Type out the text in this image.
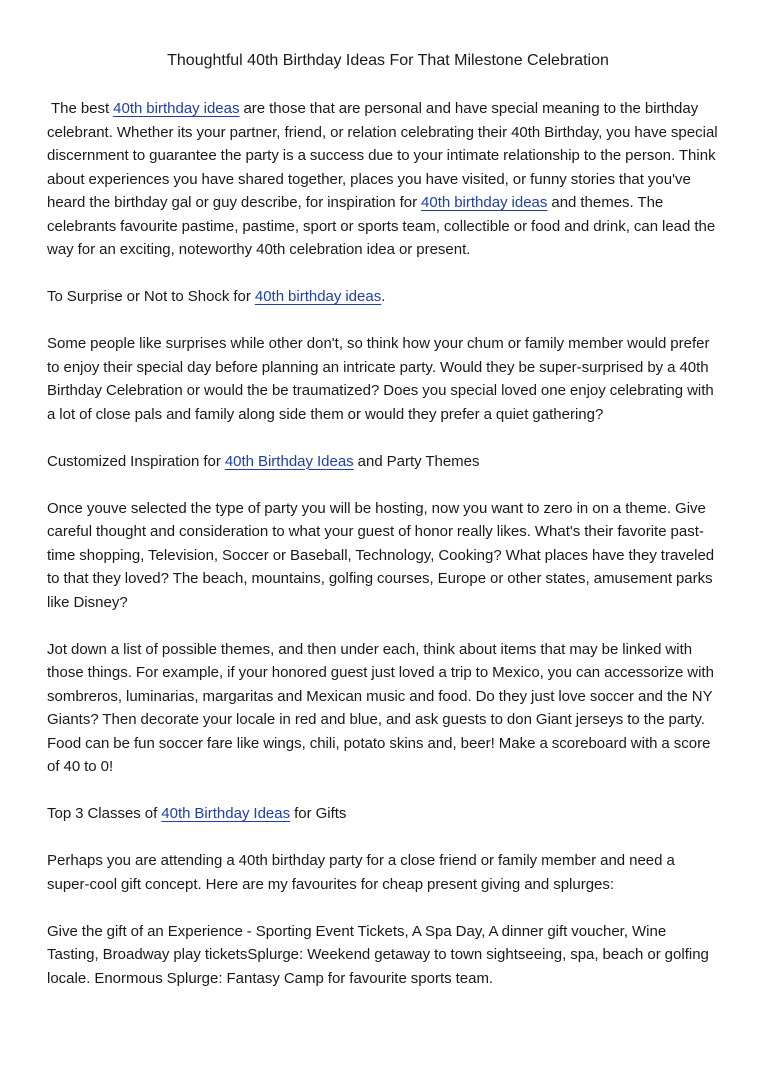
Thoughtful 40th Birthday Ideas For That Milestone Celebration

The best 40th birthday ideas are those that are personal and have special meaning to the birthday celebrant. Whether its your partner, friend, or relation celebrating their 40th Birthday, you have special discernment to guarantee the party is a success due to your intimate relationship to the person. Think about experiences you have shared together, places you have visited, or funny stories that you've heard the birthday gal or guy describe, for inspiration for 40th birthday ideas and themes. The celebrants favourite pastime, pastime, sport or sports team, collectible or food and drink, can lead the way for an exciting, noteworthy 40th celebration idea or present.

To Surprise or Not to Shock for 40th birthday ideas.

Some people like surprises while other don't, so think how your chum or family member would prefer to enjoy their special day before planning an intricate party. Would they be super-surprised by a 40th Birthday Celebration or would the be traumatized? Does you special loved one enjoy celebrating with a lot of close pals and family along side them or would they prefer a quiet gathering?

Customized Inspiration for 40th Birthday Ideas and Party Themes

Once youve selected the type of party you will be hosting, now you want to zero in on a theme. Give careful thought and consideration to what your guest of honor really likes. What's their favorite past-time shopping, Television, Soccer or Baseball, Technology, Cooking? What places have they traveled to that they loved? The beach, mountains, golfing courses, Europe or other states, amusement parks like Disney?

Jot down a list of possible themes, and then under each, think about items that may be linked with those things. For example, if your honored guest just loved a trip to Mexico, you can accessorize with sombreros, luminarias, margaritas and Mexican music and food. Do they just love soccer and the NY Giants? Then decorate your locale in red and blue, and ask guests to don Giant jerseys to the party. Food can be fun soccer fare like wings, chili, potato skins and, beer! Make a scoreboard with a score of 40 to 0!

Top 3 Classes of 40th Birthday Ideas for Gifts

Perhaps you are attending a 40th birthday party for a close friend or family member and need a super-cool gift concept. Here are my favourites for cheap present giving and splurges:

Give the gift of an Experience - Sporting Event Tickets, A Spa Day, A dinner gift voucher, Wine Tasting, Broadway play ticketsSplurge: Weekend getaway to town sightseeing, spa, beach or golfing locale. Enormous Splurge: Fantasy Camp for favourite sports team.
